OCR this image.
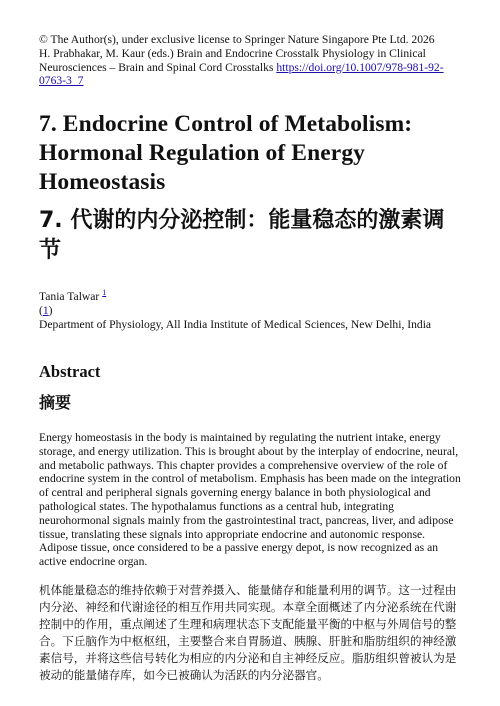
© The Author(s), under exclusive license to Springer Nature Singapore Pte Ltd. 2026
H. Prabhakar, M. Kaur (eds.) Brain and Endocrine Crosstalk Physiology in Clinical Neurosciences – Brain and Spinal Cord Crosstalks https://doi.org/10.1007/978-981-92-0763-3_7

7. Endocrine Control of Metabolism: Hormonal Regulation of Energy Homeostasis
7. 代谢的内分泌控制：能量稳态的激素调节

Tania Talwar $^1$

(1)

Department of Physiology, All India Institute of Medical Sciences, New Delhi, India

Abstract
摘要

Energy homeostasis in the body is maintained by regulating the nutrient intake, energy storage, and energy utilization. This is brought about by the interplay of endocrine, neural, and metabolic pathways. This chapter provides a comprehensive overview of the role of endocrine system in the control of metabolism. Emphasis has been made on the integration of central and peripheral signals governing energy balance in both physiological and pathological states. The hypothalamus functions as a central hub, integrating neurohormonal signals mainly from the gastrointestinal tract, pancreas, liver, and adipose tissue, translating these signals into appropriate endocrine and autonomic response. Adipose tissue, once considered to be a passive energy depot, is now recognized as an active endocrine organ.

机体能量稳态的维持依赖于对营养摄入、能量储存和能量利用的调节。这一过程由内分泌、神经和代谢途径的相互作用共同实现。本章全面概述了内分泌系统在代谢控制中的作用，重点阐述了生理和病理状态下支配能量平衡的中枢与外周信号的整合。下丘脑作为中枢枢纽，主要整合来自胃肠道、胰腺、肝脏和脂肪组织的神经激素信号，并将这些信号转化为相应的内分泌和自主神经反应。脂肪组织曾被认为是被动的能量储存库，如今已被确认为活跃的内分泌器官。
